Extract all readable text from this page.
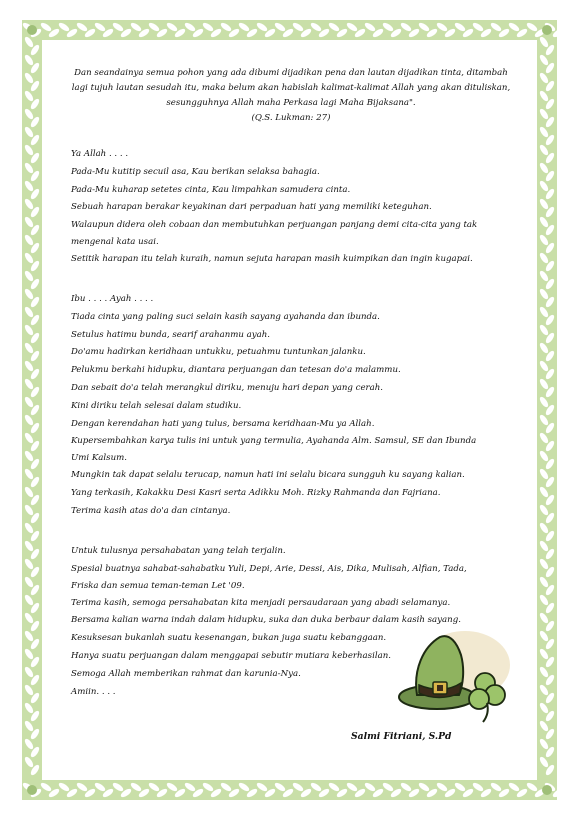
Dan seandainya semua pohon yang ada dibumi dijadikan pena dan lautan dijadikan tinta, ditambah lagi tujuh lautan sesudah itu, maka belum akan habislah kalimat-kalimat Allah yang akan dituliskan, sesungguhnya Allah maha Perkasa lagi Maha Bijaksana".
(Q.S. Lukman: 27)
Ya Allah . . . .
Pada-Mu kutitip secuil asa, Kau berikan selaksa bahagia.
Pada-Mu kuharap setetes cinta, Kau limpahkan samudera cinta.
Sebuah harapan berakar keyakinan dari perpaduan hati yang memiliki keteguhan.
Walaupun didera oleh cobaan dan membutuhkan perjuangan panjang demi cita-cita yang tak mengenal kata usai.
Setitik harapan itu telah kuraih, namun sejuta harapan masih kuimpikan dan ingin kugapai.
Ibu . . . . Ayah . . . .
Tiada cinta yang paling suci selain kasih sayang ayahanda dan ibunda.
Setulus hatimu bunda, searif arahanmu ayah.
Do'amu hadirkan keridhaan untukku, petuahmu tuntunkan jalanku.
Pelukmu berkahi hidupku, diantara perjuangan dan tetesan do'a malammu.
Dan sebait do'a telah merangkul diriku, menuju hari depan yang cerah.
Kini diriku telah selesai dalam studiku.
Dengan kerendahan hati yang tulus, bersama keridhaan-Mu ya Allah.
Kupersembahkan karya tulis ini untuk yang termulia, Ayahanda Alm. Samsul, SE dan Ibunda Umi Kalsum.
Mungkin tak dapat selalu terucap, namun hati ini selalu bicara sungguh ku sayang kalian.
Yang terkasih, Kakakku Desi Kasri serta Adikku Moh. Rizky Rahmanda dan Fajriana.
Terima kasih atas do'a dan cintanya.
Untuk tulusnya persahabatan yang telah terjalin.
Spesial buatnya sahabat-sahabatku Yuli, Depi, Arie, Dessi, Ais, Dika, Mulisah, Alfian, Tada, Friska dan semua teman-teman Let '09.
Terima kasih, semoga persahabatan kita menjadi persaudaraan yang abadi selamanya.
Bersama kalian warna indah dalam hidupku, suka dan duka berbaur dalam kasih sayang.
Kesuksesan bukanlah suatu kesenangan, bukan juga suatu kebanggaan.
Hanya suatu perjuangan dalam menggapai sebutir mutiara keberhasilan.
Semoga Allah memberikan rahmat dan karunia-Nya.
Amiin. . . .
Salmi Fitriani, S.Pd
